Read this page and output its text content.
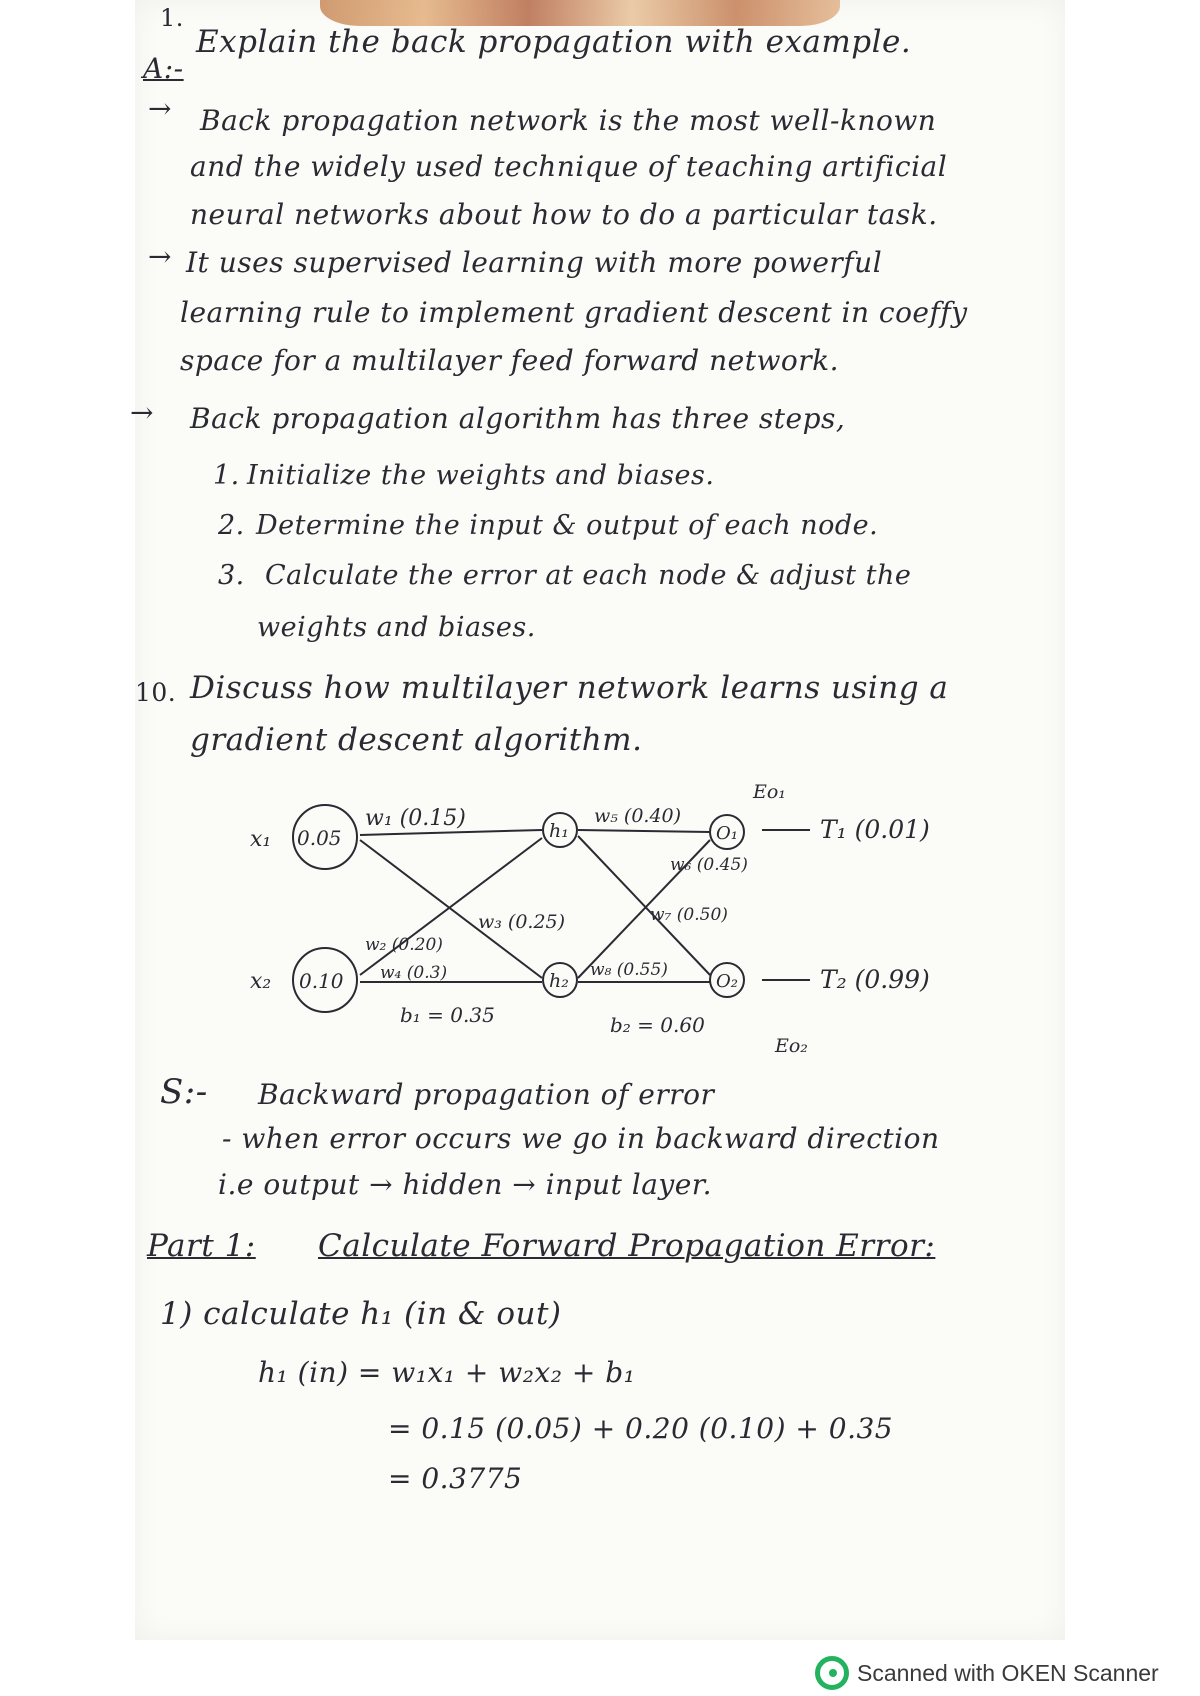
1.
Explain the back propagation with example.
A:-
→ Back propagation network is the most well-known
and the widely used technique of teaching artificial
neural networks about how to do a particular task.
→ It uses supervised learning with more powerful
learning rule to implement gradient descent in coeffy
space for a multilayer feed forward network.
→ Back propagation algorithm has three steps,
1. Initialize the weights and biases.
2. Determine the input & output of each node.
3. Calculate the error at each node & adjust the
weights and biases.
10. Discuss how multilayer network learns using a
gradient descent algorithm.
x₁ 0.05
x₂ 0.10
h₁
h₂
O₁
O₂
w₁ (0.15)
w₂ (0.20)
w₃ (0.25)
w₄ (0.3)
w₅ (0.40)
w₆ (0.45)
w₇ (0.50)
w₈ (0.55)
b₁ = 0.35	b₂ = 0.60
T₁ (0.01)
T₂ (0.99)
Eo₁
Eo₂
S:- Backward propagation of error
- when error occurs we go in backward direction
i.e output → hidden → input layer.
Part 1: Calculate Forward Propagation Error:
1) calculate h₁ (in & out)
h₁ (in) = w₁x₁ + w₂x₂ + b₁
= 0.15 (0.05) + 0.20 (0.10) + 0.35
= 0.3775
Scanned with OKEN Scanner
